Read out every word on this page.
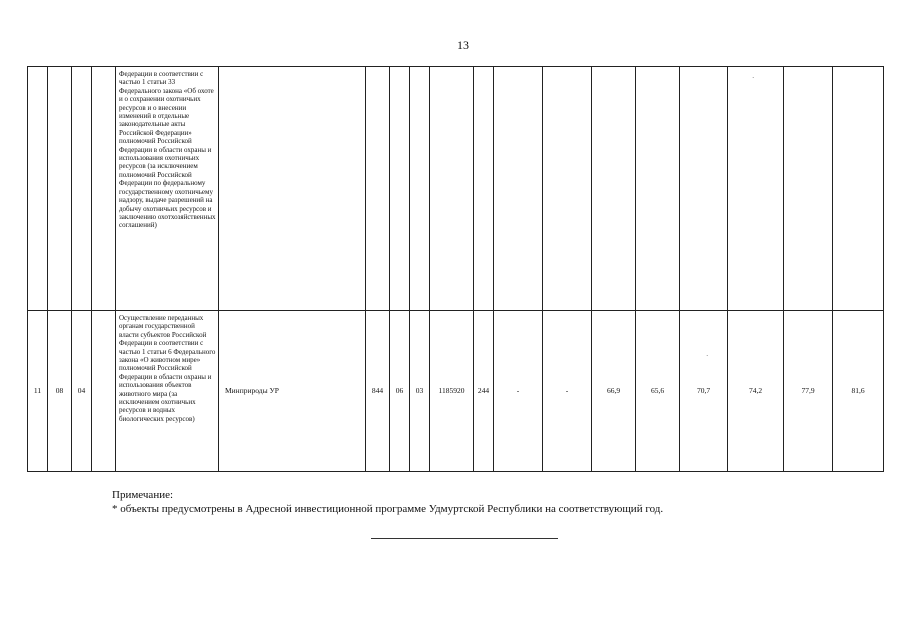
13
				Федерации в соответствии с частью 1 статьи 33 Федерального закона «Об охоте и о сохранении охотничьих ресурсов и о внесении изменений в отдельные законодательные акты Российской Федерации» полномочий Российской Федерации в области охраны и использования охотничьих ресурсов (за исключением полномочий Российской Федерации по федеральному государственному охотничьему надзору, выдаче разрешений на добычу охотничьих ресурсов и заключению охотхозяйственных соглашений)														
11	08	04		Осуществление переданных органам государственной власти субъектов Российской Федерации в соответствии с частью 1 статьи 6 Федерального закона «О животном мире» полномочий Российской Федерации в области охраны и использования объектов животного мира (за исключением охотничьих ресурсов и водных биологических ресурсов)	Минприроды УР	844	06	03	1185920	244	-	-	66,9	65,6	70,7	74,2	77,9	81,6
·
·
Примечание:
* объекты предусмотрены в Адресной инвестиционной программе Удмуртской Республики на соответствующий год.
